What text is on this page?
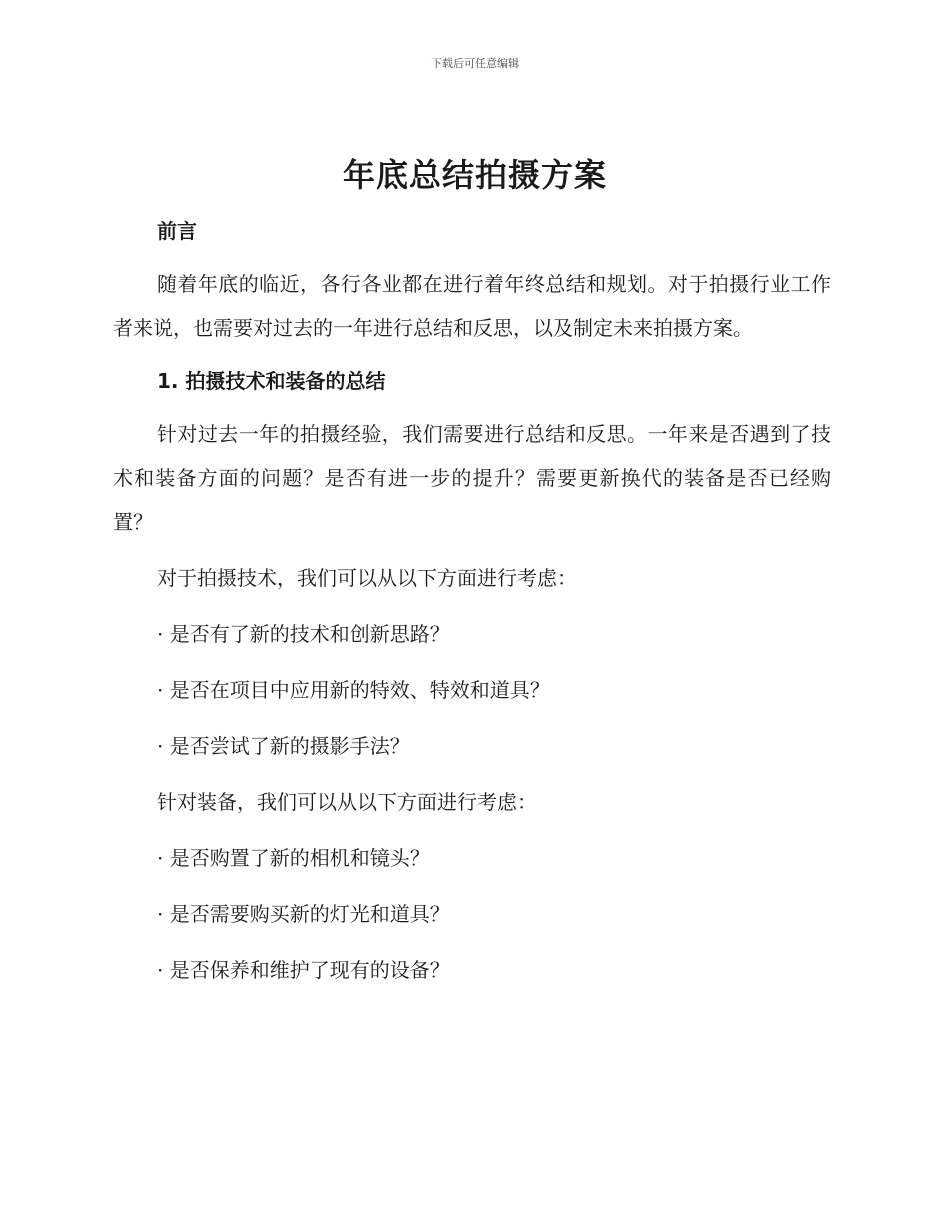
下载后可任意编辑
年底总结拍摄方案
前言

随着年底的临近，各行各业都在进行着年终总结和规划。对于拍摄行业工作者来说，也需要对过去的一年进行总结和反思，以及制定未来拍摄方案。

1. 拍摄技术和装备的总结

针对过去一年的拍摄经验，我们需要进行总结和反思。一年来是否遇到了技术和装备方面的问题？是否有进一步的提升？需要更新换代的装备是否已经购置？

对于拍摄技术，我们可以从以下方面进行考虑：

· 是否有了新的技术和创新思路？

· 是否在项目中应用新的特效、特效和道具？

· 是否尝试了新的摄影手法？

针对装备，我们可以从以下方面进行考虑：

· 是否购置了新的相机和镜头？

· 是否需要购买新的灯光和道具？

· 是否保养和维护了现有的设备？
